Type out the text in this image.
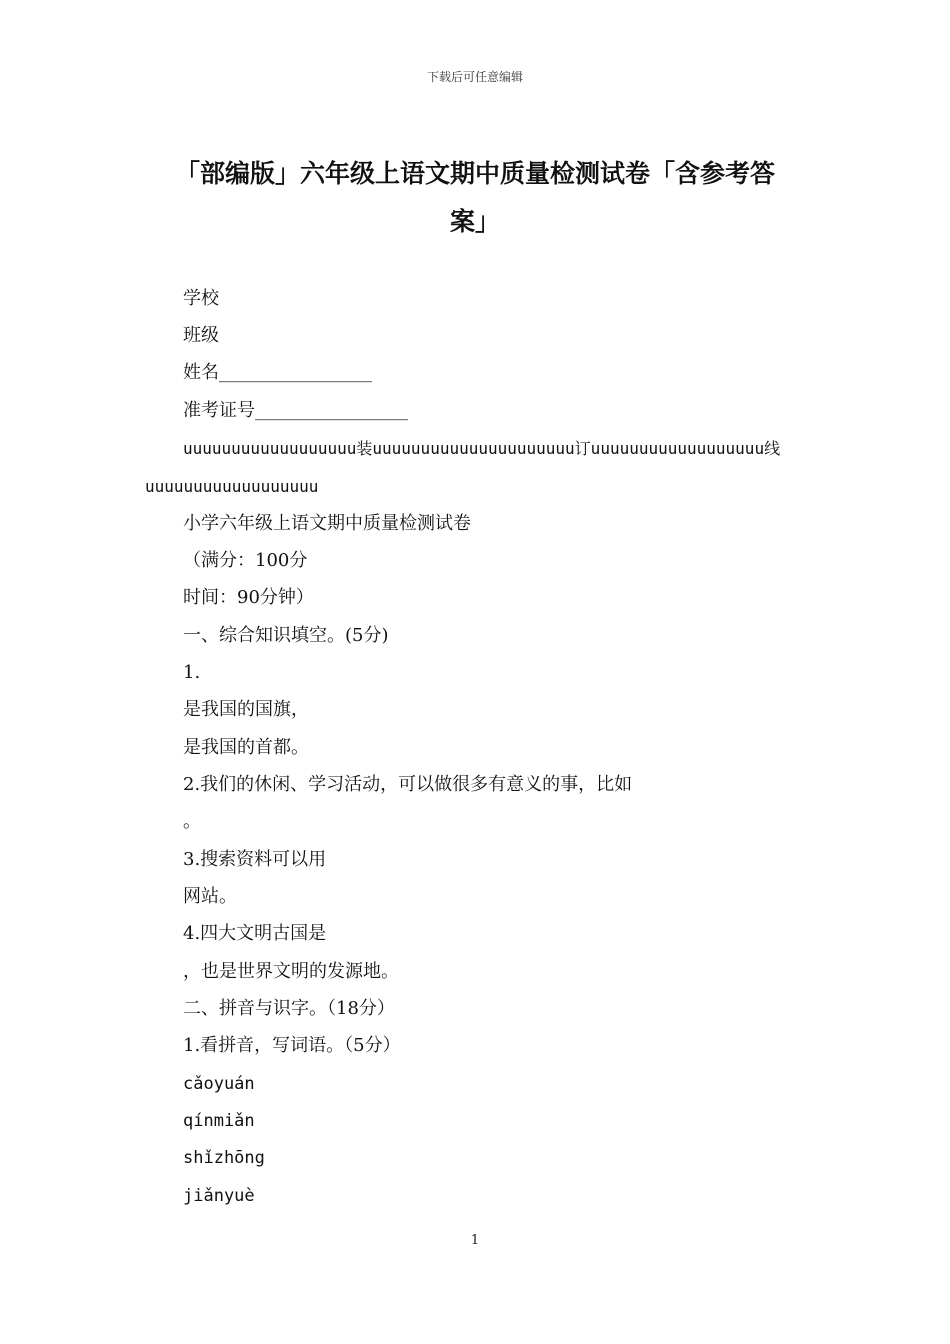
下载后可任意编辑
「部编版」六年级上语文期中质量检测试卷「含参考答案」
学校
班级
姓名_________________
准考证号_________________
uuuuuuuuuuuuuuuuuu装uuuuuuuuuuuuuuuuuuuuu订uuuuuuuuuuuuuuuuuu线
uuuuuuuuuuuuuuuuuu
小学六年级上语文期中质量检测试卷
（满分：100分
时间：90分钟）
一、综合知识填空。(5分)
1.
是我国的国旗，
是我国的首都。
2.我们的休闲、学习活动，可以做很多有意义的事，比如
。
3.搜索资料可以用
网站。
4.四大文明古国是
，也是世界文明的发源地。
二、拼音与识字。（18分）
1.看拼音，写词语。（5分）
cǎoyuán
qínmiǎn
shǐzhōng
jiǎnyuè
1
